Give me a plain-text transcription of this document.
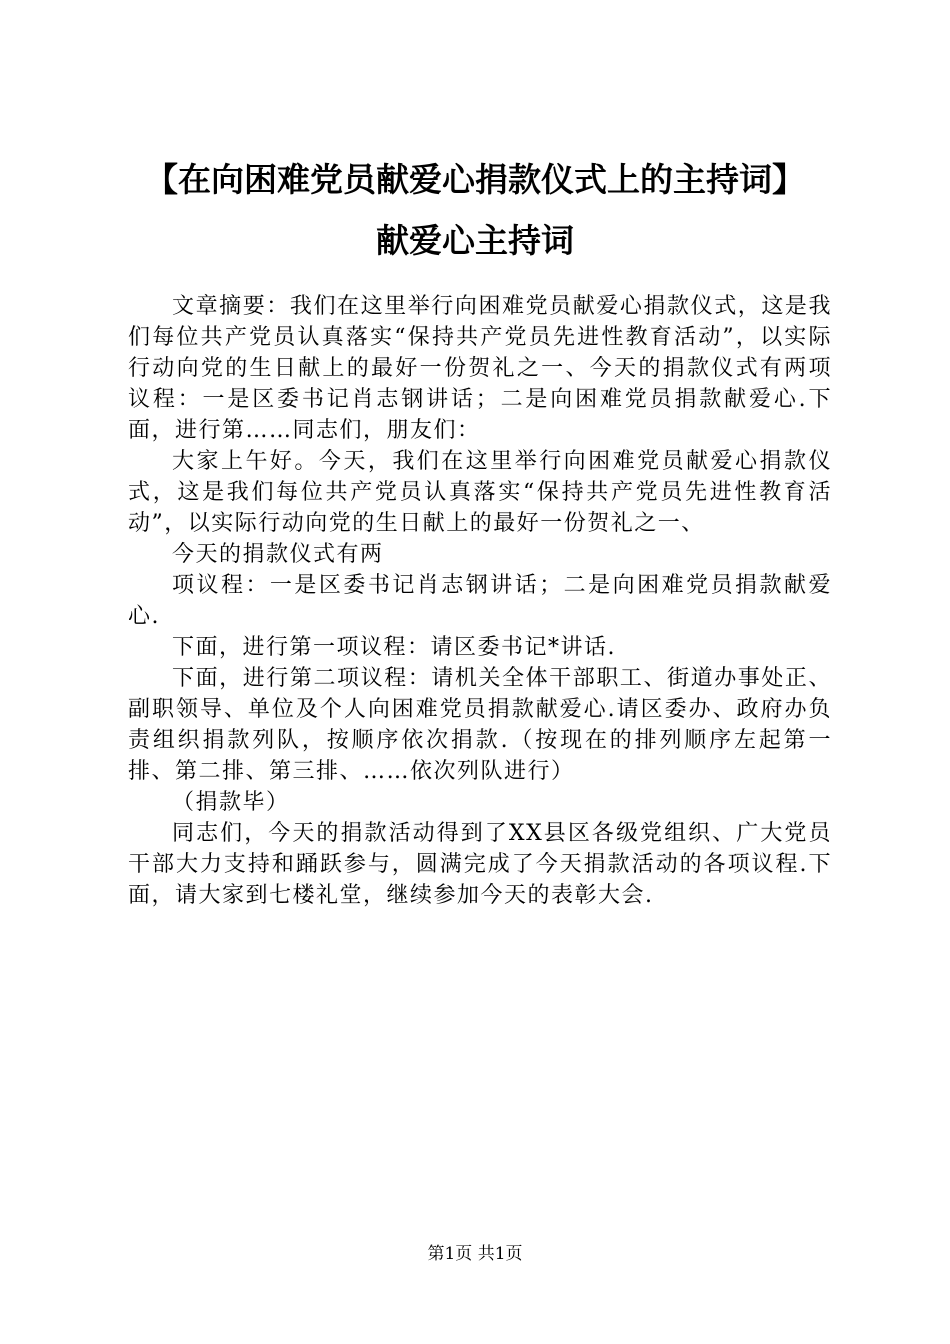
【在向困难党员献爱心捐款仪式上的主持词】
献爱心主持词

文章摘要：我们在这里举行向困难党员献爱心捐款仪式，这是我们每位共产党员认真落实“保持共产党员先进性教育活动”，以实际行动向党的生日献上的最好一份贺礼之一、今天的捐款仪式有两项议程：一是区委书记肖志钢讲话；二是向困难党员捐款献爱心.下面，进行第……同志们，朋友们：

大家上午好。今天，我们在这里举行向困难党员献爱心捐款仪式，这是我们每位共产党员认真落实“保持共产党员先进性教育活动”，以实际行动向党的生日献上的最好一份贺礼之一、

今天的捐款仪式有两

项议程：一是区委书记肖志钢讲话；二是向困难党员捐款献爱心.

下面，进行第一项议程：请区委书记*讲话.

下面，进行第二项议程：请机关全体干部职工、街道办事处正、副职领导、单位及个人向困难党员捐款献爱心.请区委办、政府办负责组织捐款列队，按顺序依次捐款.（按现在的排列顺序左起第一排、第二排、第三排、……依次列队进行）

（捐款毕）

同志们，今天的捐款活动得到了XX县区各级党组织、广大党员干部大力支持和踊跃参与，圆满完成了今天捐款活动的各项议程.下面，请大家到七楼礼堂，继续参加今天的表彰大会.

第1页 共1页
